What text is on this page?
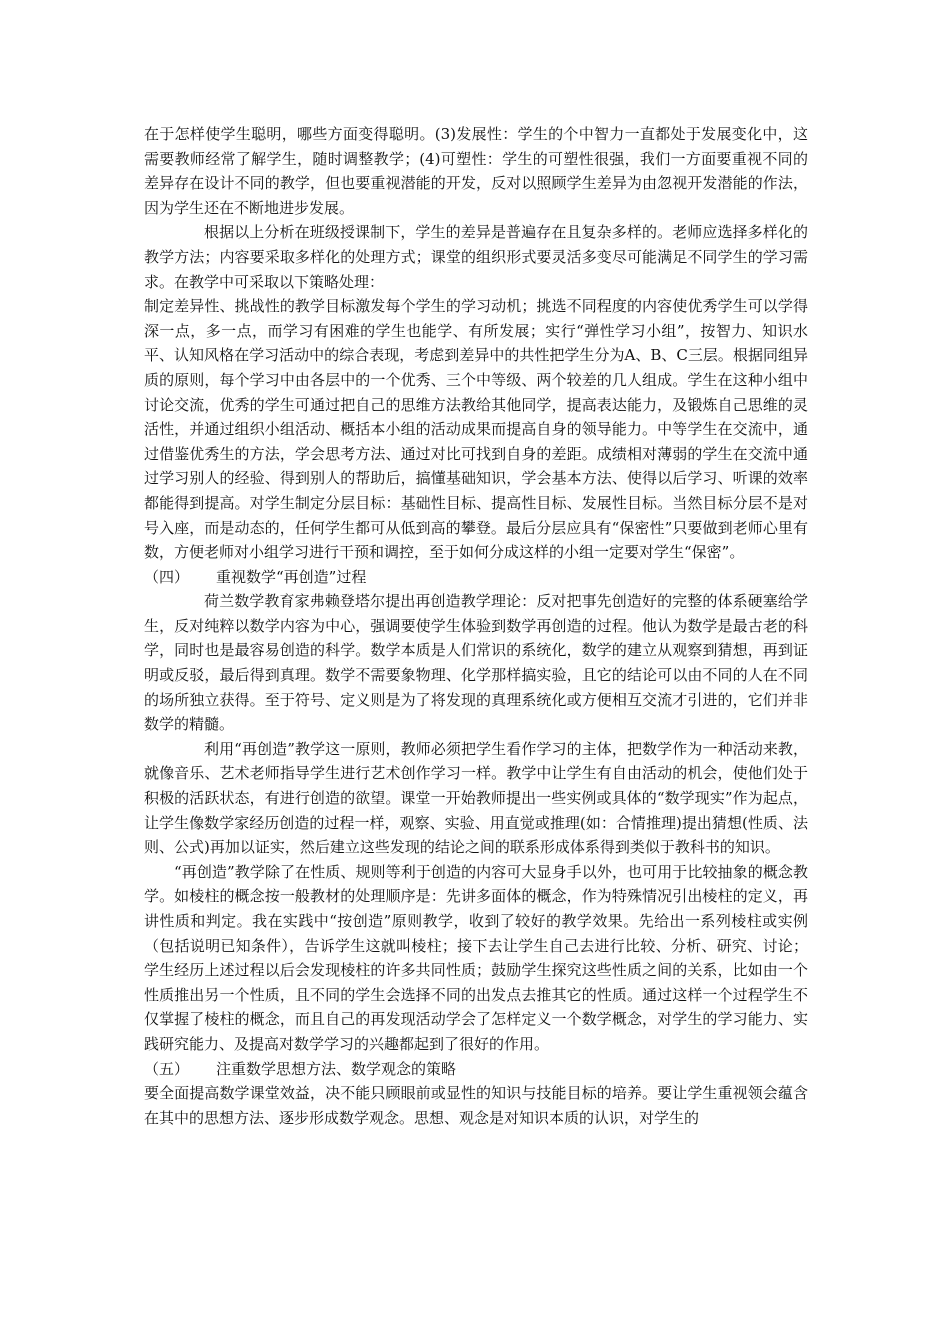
在于怎样使学生聪明，哪些方面变得聪明。(3)发展性：学生的个中智力一直都处于发展变化中，这需要教师经常了解学生，随时调整教学；(4)可塑性：学生的可塑性很强，我们一方面要重视不同的差异存在设计不同的教学，但也要重视潜能的开发，反对以照顾学生差异为由忽视开发潜能的作法，因为学生还在不断地进步发展。

根据以上分析在班级授课制下，学生的差异是普遍存在且复杂多样的。老师应选择多样化的教学方法；内容要采取多样化的处理方式；课堂的组织形式要灵活多变尽可能满足不同学生的学习需求。在教学中可采取以下策略处理：

制定差异性、挑战性的教学目标激发每个学生的学习动机；挑选不同程度的内容使优秀学生可以学得深一点，多一点，而学习有困难的学生也能学、有所发展；实行“弹性学习小组”，按智力、知识水平、认知风格在学习活动中的综合表现，考虑到差异中的共性把学生分为A、B、C三层。根据同组异质的原则，每个学习中由各层中的一个优秀、三个中等级、两个较差的几人组成。学生在这种小组中讨论交流，优秀的学生可通过把自己的思维方法教给其他同学，提高表达能力，及锻炼自己思维的灵活性，并通过组织小组活动、概括本小组的活动成果而提高自身的领导能力。中等学生在交流中，通过借鉴优秀生的方法，学会思考方法、通过对比可找到自身的差距。成绩相对薄弱的学生在交流中通过学习别人的经验、得到别人的帮助后，搞懂基础知识，学会基本方法、使得以后学习、听课的效率都能得到提高。对学生制定分层目标：基础性目标、提高性目标、发展性目标。当然目标分层不是对号入座，而是动态的，任何学生都可从低到高的攀登。最后分层应具有“保密性”只要做到老师心里有数，方便老师对小组学习进行干预和调控，至于如何分成这样的小组一定要对学生“保密”。

（四） 重视数学“再创造”过程

荷兰数学教育家弗赖登塔尔提出再创造教学理论：反对把事先创造好的完整的体系硬塞给学生，反对纯粹以数学内容为中心，强调要使学生体验到数学再创造的过程。他认为数学是最古老的科学，同时也是最容易创造的科学。数学本质是人们常识的系统化，数学的建立从观察到猜想，再到证明或反驳，最后得到真理。数学不需要象物理、化学那样搞实验，且它的结论可以由不同的人在不同的场所独立获得。至于符号、定义则是为了将发现的真理系统化或方便相互交流才引进的，它们并非数学的精髓。

利用“再创造”教学这一原则，教师必须把学生看作学习的主体，把数学作为一种活动来教，就像音乐、艺术老师指导学生进行艺术创作学习一样。教学中让学生有自由活动的机会，使他们处于积极的活跃状态，有进行创造的欲望。课堂一开始教师提出一些实例或具体的“数学现实”作为起点，让学生像数学家经历创造的过程一样，观察、实验、用直觉或推理(如：合情推理)提出猜想(性质、法则、公式)再加以证实，然后建立这些发现的结论之间的联系形成体系得到类似于教科书的知识。

“再创造”教学除了在性质、规则等利于创造的内容可大显身手以外，也可用于比较抽象的概念教学。如棱柱的概念按一般教材的处理顺序是：先讲多面体的概念，作为特殊情况引出棱柱的定义，再讲性质和判定。我在实践中“按创造”原则教学，收到了较好的教学效果。先给出一系列棱柱或实例（包括说明已知条件），告诉学生这就叫棱柱；接下去让学生自己去进行比较、分析、研究、讨论；学生经历上述过程以后会发现棱柱的许多共同性质；鼓励学生探究这些性质之间的关系，比如由一个性质推出另一个性质，且不同的学生会选择不同的出发点去推其它的性质。通过这样一个过程学生不仅掌握了棱柱的概念，而且自己的再发现活动学会了怎样定义一个数学概念，对学生的学习能力、实践研究能力、及提高对数学学习的兴趣都起到了很好的作用。

（五） 注重数学思想方法、数学观念的策略

要全面提高数学课堂效益，决不能只顾眼前或显性的知识与技能目标的培养。要让学生重视领会蕴含在其中的思想方法、逐步形成数学观念。思想、观念是对知识本质的认识，对学生的
